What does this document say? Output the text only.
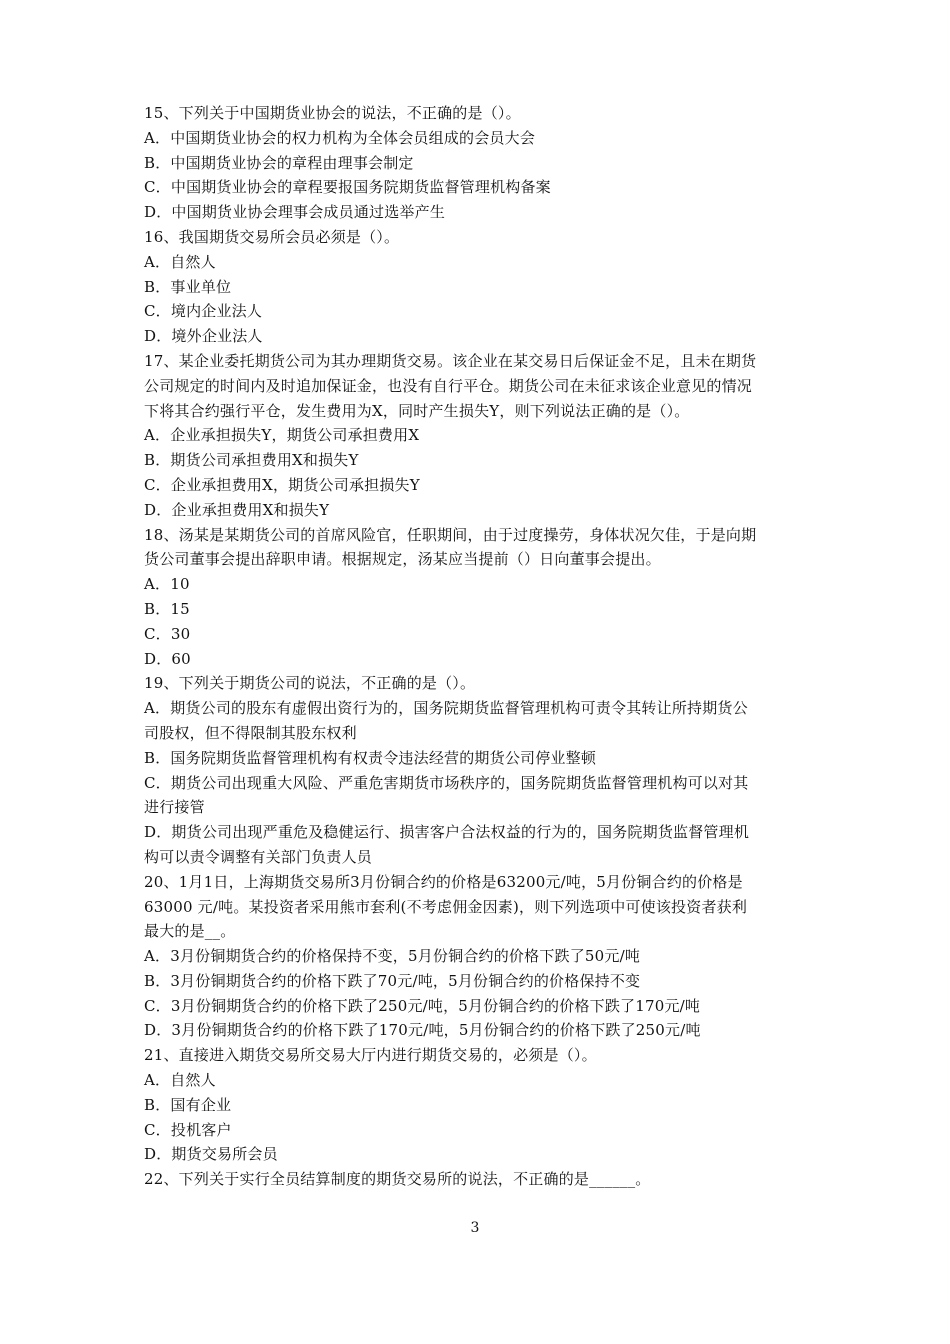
15、下列关于中国期货业协会的说法，不正确的是（）。
A．中国期货业协会的权力机构为全体会员组成的会员大会
B．中国期货业协会的章程由理事会制定
C．中国期货业协会的章程要报国务院期货监督管理机构备案
D．中国期货业协会理事会成员通过选举产生
16、我国期货交易所会员必须是（）。
A．自然人
B．事业单位
C．境内企业法人
D．境外企业法人
17、某企业委托期货公司为其办理期货交易。该企业在某交易日后保证金不足，且未在期货
公司规定的时间内及时追加保证金，也没有自行平仓。期货公司在未征求该企业意见的情况
下将其合约强行平仓，发生费用为X，同时产生损失Y，则下列说法正确的是（）。
A．企业承担损失Y，期货公司承担费用X
B．期货公司承担费用X和损失Y
C．企业承担费用X，期货公司承担损失Y
D．企业承担费用X和损失Y
18、汤某是某期货公司的首席风险官，任职期间，由于过度操劳，身体状况欠佳，于是向期
货公司董事会提出辞职申请。根据规定，汤某应当提前（）日向董事会提出。
A．10
B．15
C．30
D．60
19、下列关于期货公司的说法，不正确的是（）。
A．期货公司的股东有虚假出资行为的，国务院期货监督管理机构可责令其转让所持期货公
司股权，但不得限制其股东权利
B．国务院期货监督管理机构有权责令违法经营的期货公司停业整顿
C．期货公司出现重大风险、严重危害期货市场秩序的，国务院期货监督管理机构可以对其
进行接管
D．期货公司出现严重危及稳健运行、损害客户合法权益的行为的，国务院期货监督管理机
构可以责令调整有关部门负责人员
20、1月1日，上海期货交易所3月份铜合约的价格是63200元/吨，5月份铜合约的价格是
63000 元/吨。某投资者采用熊市套利(不考虑佣金因素)，则下列选项中可使该投资者获利
最大的是__。
A．3月份铜期货合约的价格保持不变，5月份铜合约的价格下跌了50元/吨
B．3月份铜期货合约的价格下跌了70元/吨，5月份铜合约的价格保持不变
C．3月份铜期货合约的价格下跌了250元/吨，5月份铜合约的价格下跌了170元/吨
D．3月份铜期货合约的价格下跌了170元/吨，5月份铜合约的价格下跌了250元/吨
21、直接进入期货交易所交易大厅内进行期货交易的，必须是（）。
A．自然人
B．国有企业
C．投机客户
D．期货交易所会员
22、下列关于实行全员结算制度的期货交易所的说法，不正确的是______。
3
